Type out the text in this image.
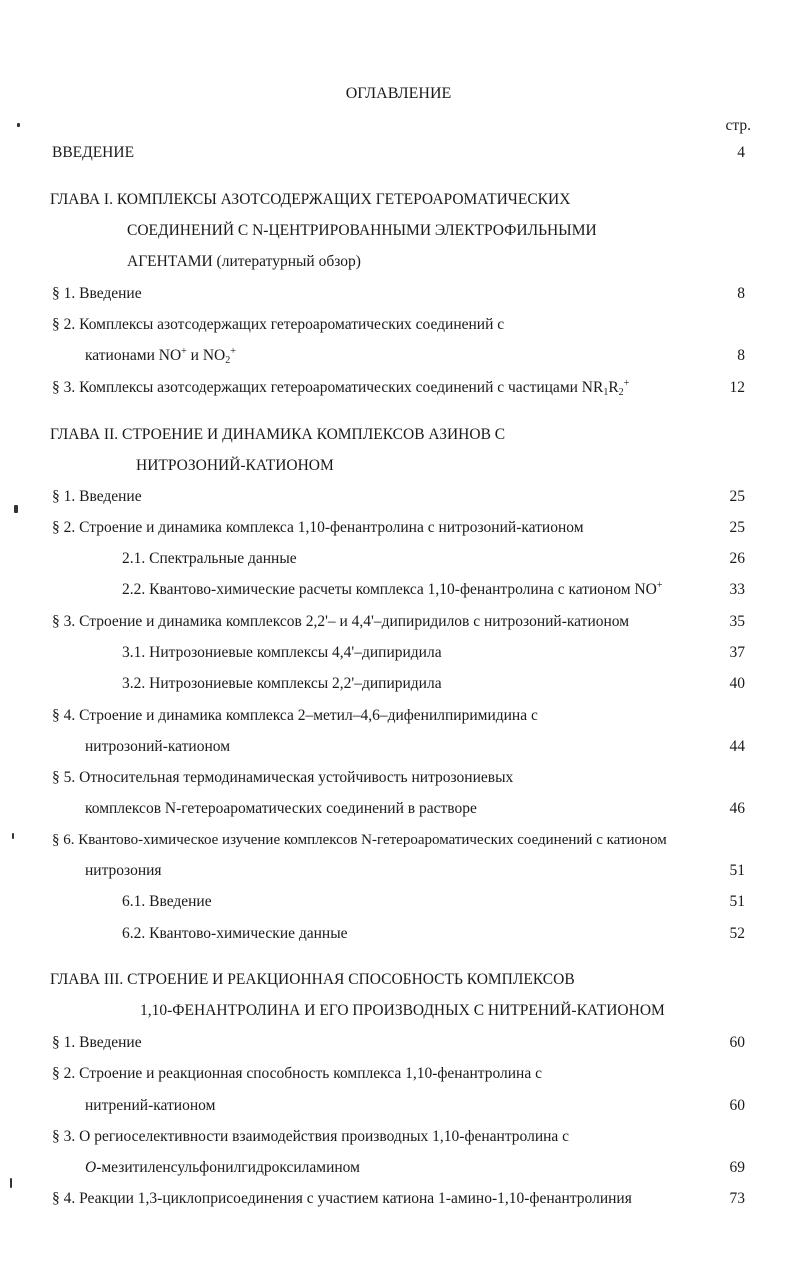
ОГЛАВЛЕНИЕ
стр.
ВВЕДЕНИЕ	4
ГЛАВА I. КОМПЛЕКСЫ АЗОТСОДЕРЖАЩИХ ГЕТЕРОАРОМАТИЧЕСКИХ
СОЕДИНЕНИЙ С N-ЦЕНТРИРОВАННЫМИ ЭЛЕКТРОФИЛЬНЫМИ
АГЕНТАМИ (литературный обзор)
§ 1. Введение	8
§ 2. Комплексы азотсодержащих гетероароматических соединений с
катионами NO+ и $NO_2^+$	8
§ 3. Комплексы азотсодержащих гетероароматических соединений с частицами $NR_1R_2^+$	12
ГЛАВА II. СТРОЕНИЕ И ДИНАМИКА КОМПЛЕКСОВ АЗИНОВ С
НИТРОЗОНИЙ-КАТИОНОМ
§ 1. Введение	25
§ 2. Строение и динамика комплекса 1,10-фенантролина с нитрозоний-катионом	25
2.1. Спектральные данные	26
2.2. Квантово-химические расчеты комплекса 1,10-фенантролина с катионом NO+	33
§ 3. Строение и динамика комплексов 2,2'– и 4,4'–дипиридилов с нитрозоний-катионом	35
3.1. Нитрозониевые комплексы 4,4'–дипиридила	37
3.2. Нитрозониевые комплексы 2,2'–дипиридила	40
§ 4. Строение и динамика комплекса 2–метил–4,6–дифенилпиримидина с
нитрозоний-катионом	44
§ 5. Относительная термодинамическая устойчивость нитрозониевых
комплексов N-гетероароматических соединений в растворе	46
§ 6. Квантово-химическое изучение комплексов N-гетероароматических соединений с катионом
нитрозония	51
6.1. Введение	51
6.2. Квантово-химические данные	52
ГЛАВА III. СТРОЕНИЕ И РЕАКЦИОННАЯ СПОСОБНОСТЬ КОМПЛЕКСОВ
1,10-ФЕНАНТРОЛИНА И ЕГО ПРОИЗВОДНЫХ С НИТРЕНИЙ-КАТИОНОМ
§ 1. Введение	60
§ 2. Строение и реакционная способность комплекса 1,10-фенантролина с
нитрений-катионом	60
§ 3. О региоселективности взаимодействия производных 1,10-фенантролина с
O-мезитиленсульфонилгидроксиламином	69
§ 4. Реакции 1,3-циклоприсоединения с участием катиона 1-амино-1,10-фенантролиния	73
